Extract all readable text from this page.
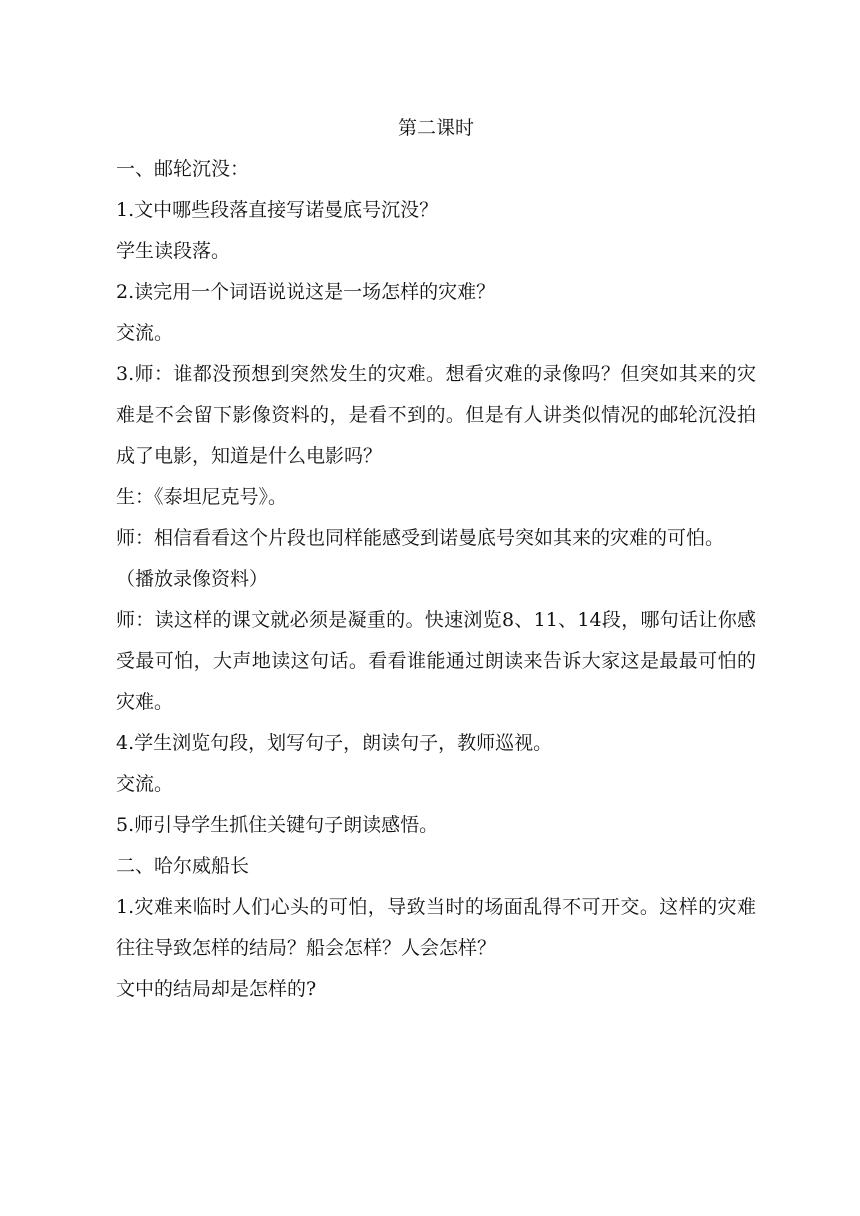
第二课时

一、邮轮沉没：

1.文中哪些段落直接写诺曼底号沉没？

学生读段落。

2.读完用一个词语说说这是一场怎样的灾难？

交流。

3.师：谁都没预想到突然发生的灾难。想看灾难的录像吗？但突如其来的灾难是不会留下影像资料的，是看不到的。但是有人讲类似情况的邮轮沉没拍成了电影，知道是什么电影吗？

生：《泰坦尼克号》。

师：相信看看这个片段也同样能感受到诺曼底号突如其来的灾难的可怕。

（播放录像资料）

师：读这样的课文就必须是凝重的。快速浏览8、11、14段，哪句话让你感受最可怕，大声地读这句话。看看谁能通过朗读来告诉大家这是最最可怕的灾难。

4.学生浏览句段，划写句子，朗读句子，教师巡视。

交流。

5.师引导学生抓住关键句子朗读感悟。

二、哈尔威船长

1.灾难来临时人们心头的可怕，导致当时的场面乱得不可开交。这样的灾难往往导致怎样的结局？船会怎样？人会怎样？

文中的结局却是怎样的?
